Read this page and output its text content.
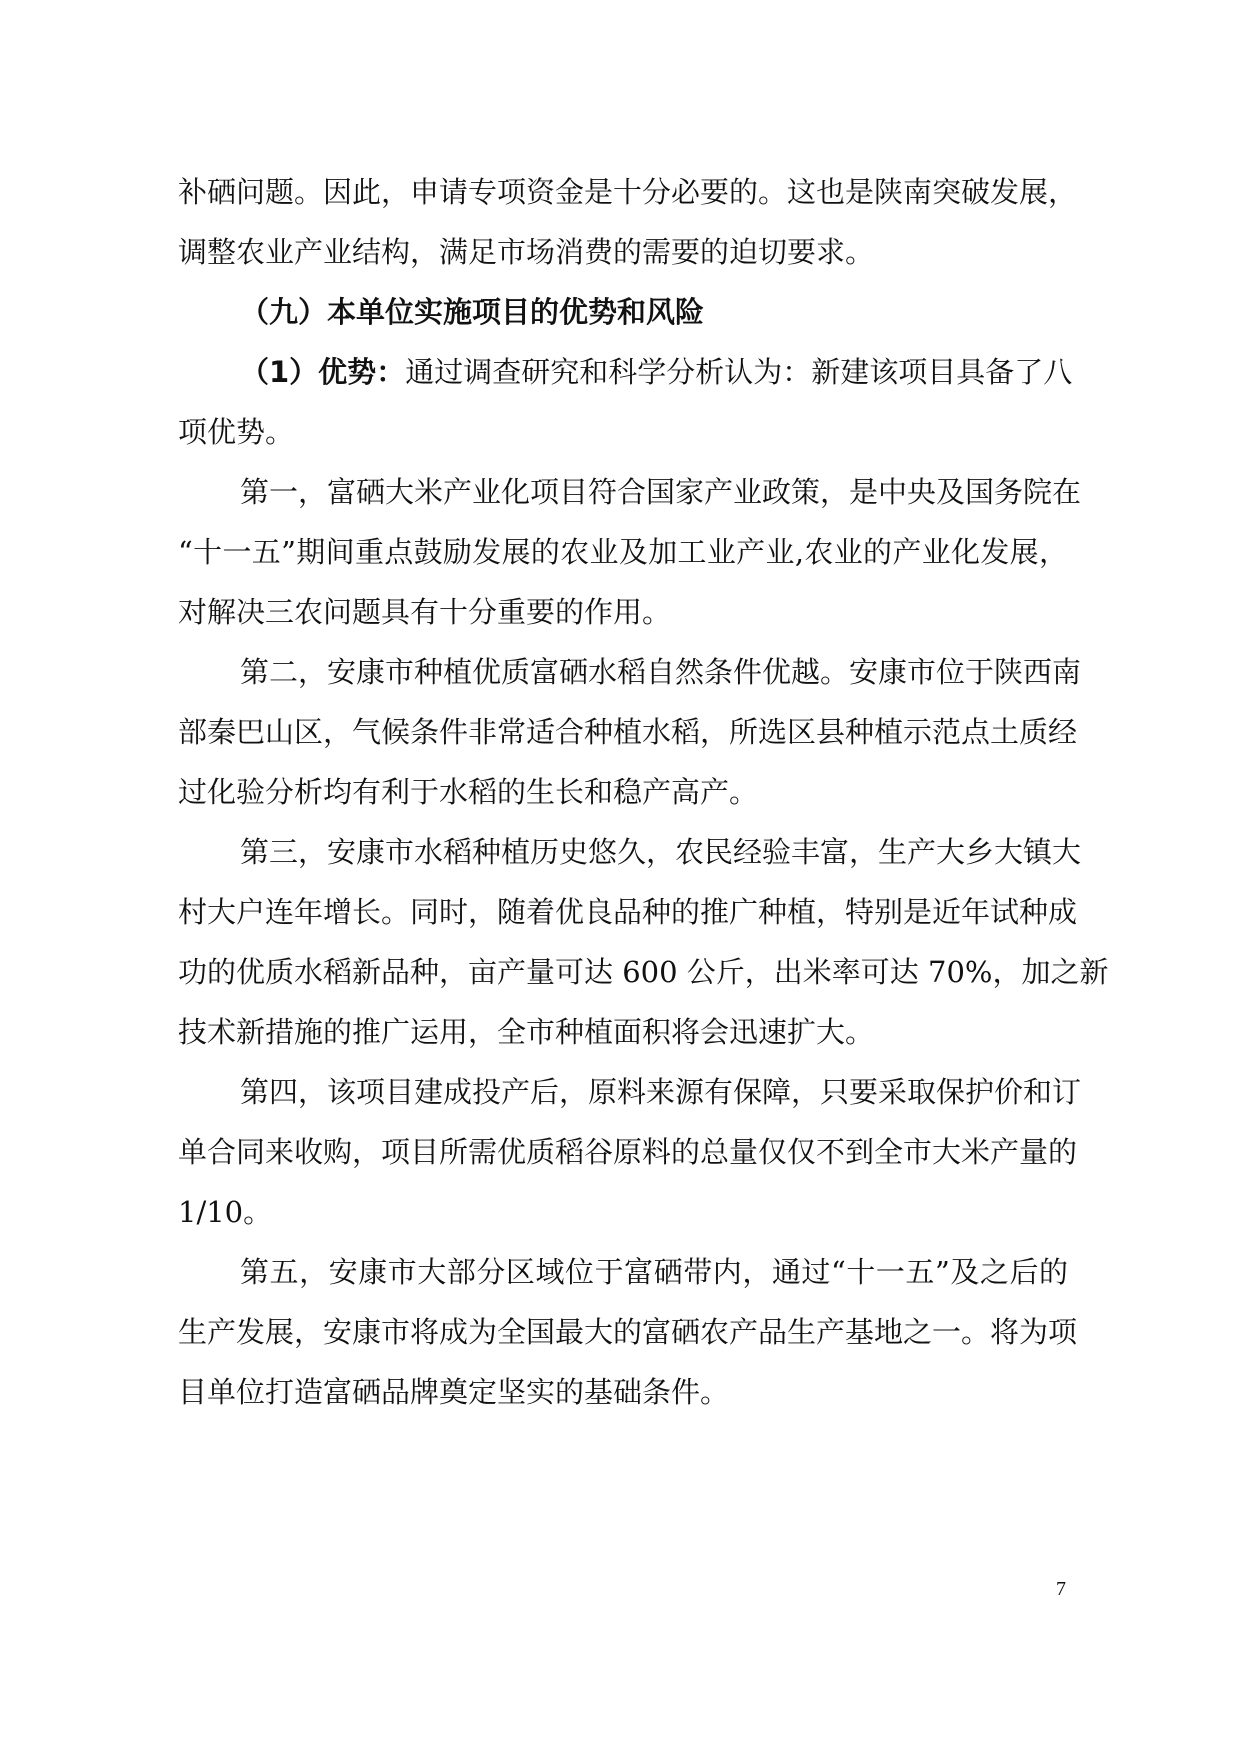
补硒问题。因此，申请专项资金是十分必要的。这也是陕南突破发展，
调整农业产业结构，满足市场消费的需要的迫切要求。
（九）本单位实施项目的优势和风险
（1）优势：通过调查研究和科学分析认为：新建该项目具备了八
项优势。
第一，富硒大米产业化项目符合国家产业政策，是中央及国务院在
“十一五”期间重点鼓励发展的农业及加工业产业,农业的产业化发展，
对解决三农问题具有十分重要的作用。
第二，安康市种植优质富硒水稻自然条件优越。安康市位于陕西南
部秦巴山区，气候条件非常适合种植水稻，所选区县种植示范点土质经
过化验分析均有利于水稻的生长和稳产高产。
第三，安康市水稻种植历史悠久，农民经验丰富，生产大乡大镇大
村大户连年增长。同时，随着优良品种的推广种植，特别是近年试种成
功的优质水稻新品种，亩产量可达 600 公斤，出米率可达 70%，加之新
技术新措施的推广运用，全市种植面积将会迅速扩大。
第四，该项目建成投产后，原料来源有保障，只要采取保护价和订
单合同来收购，项目所需优质稻谷原料的总量仅仅不到全市大米产量的
1/10。
第五，安康市大部分区域位于富硒带内，通过“十一五”及之后的
生产发展，安康市将成为全国最大的富硒农产品生产基地之一。将为项
目单位打造富硒品牌奠定坚实的基础条件。
7
